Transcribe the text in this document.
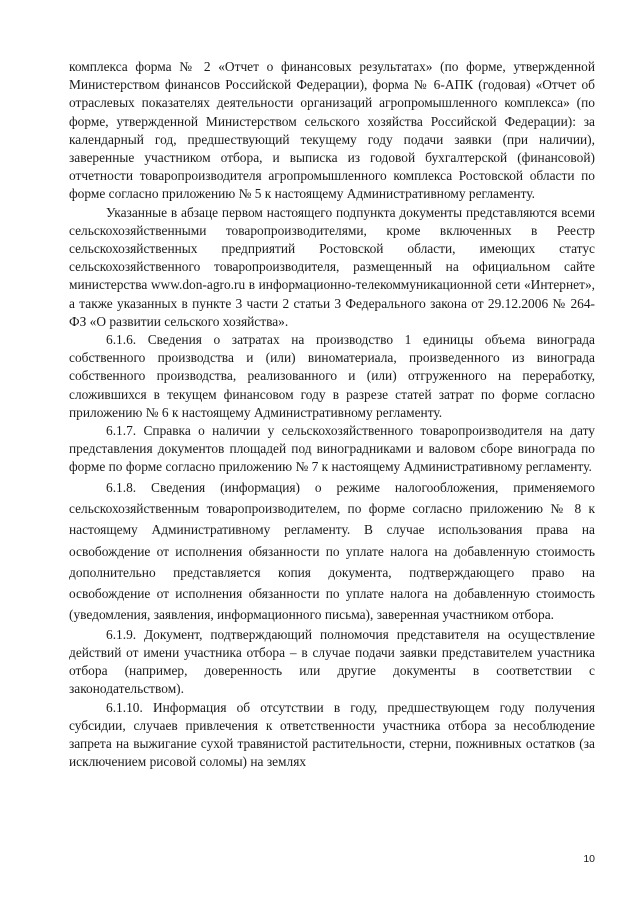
комплекса форма № 2 «Отчет о финансовых результатах» (по форме, утвержденной Министерством финансов Российской Федерации), форма № 6-АПК (годовая) «Отчет об отраслевых показателях деятельности организаций агропромышленного комплекса» (по форме, утвержденной Министерством сельского хозяйства Российской Федерации): за календарный год, предшествующий текущему году подачи заявки (при наличии), заверенные участником отбора, и выписка из годовой бухгалтерской (финансовой) отчетности товаропроизводителя агропромышленного комплекса Ростовской области по форме согласно приложению № 5 к настоящему Административному регламенту.

Указанные в абзаце первом настоящего подпункта документы представляются всеми сельскохозяйственными товаропроизводителями, кроме включенных в Реестр сельскохозяйственных предприятий Ростовской области, имеющих статус сельскохозяйственного товаропроизводителя, размещенный на официальном сайте министерства www.don-agro.ru в информационно-телекоммуникационной сети «Интернет», а также указанных в пункте 3 части 2 статьи 3 Федерального закона от 29.12.2006 № 264-ФЗ «О развитии сельского хозяйства».

6.1.6. Сведения о затратах на производство 1 единицы объема винограда собственного производства и (или) виноматериала, произведенного из винограда собственного производства, реализованного и (или) отгруженного на переработку, сложившихся в текущем финансовом году в разрезе статей затрат по форме согласно приложению № 6 к настоящему Административному регламенту.

6.1.7. Справка о наличии у сельскохозяйственного товаропроизводителя на дату представления документов площадей под виноградниками и валовом сборе винограда по форме по форме согласно приложению № 7 к настоящему Административному регламенту.

6.1.8. Сведения (информация) о режиме налогообложения, применяемого сельскохозяйственным товаропроизводителем, по форме согласно приложению № 8 к настоящему Административному регламенту. В случае использования права на освобождение от исполнения обязанности по уплате налога на добавленную стоимость дополнительно представляется копия документа, подтверждающего право на освобождение от исполнения обязанности по уплате налога на добавленную стоимость (уведомления, заявления, информационного письма), заверенная участником отбора.

6.1.9. Документ, подтверждающий полномочия представителя на осуществление действий от имени участника отбора – в случае подачи заявки представителем участника отбора (например, доверенность или другие документы в соответствии с законодательством).

6.1.10. Информация об отсутствии в году, предшествующем году получения субсидии, случаев привлечения к ответственности участника отбора за несоблюдение запрета на выжигание сухой травянистой растительности, стерни, пожнивных остатков (за исключением рисовой соломы) на землях

10
